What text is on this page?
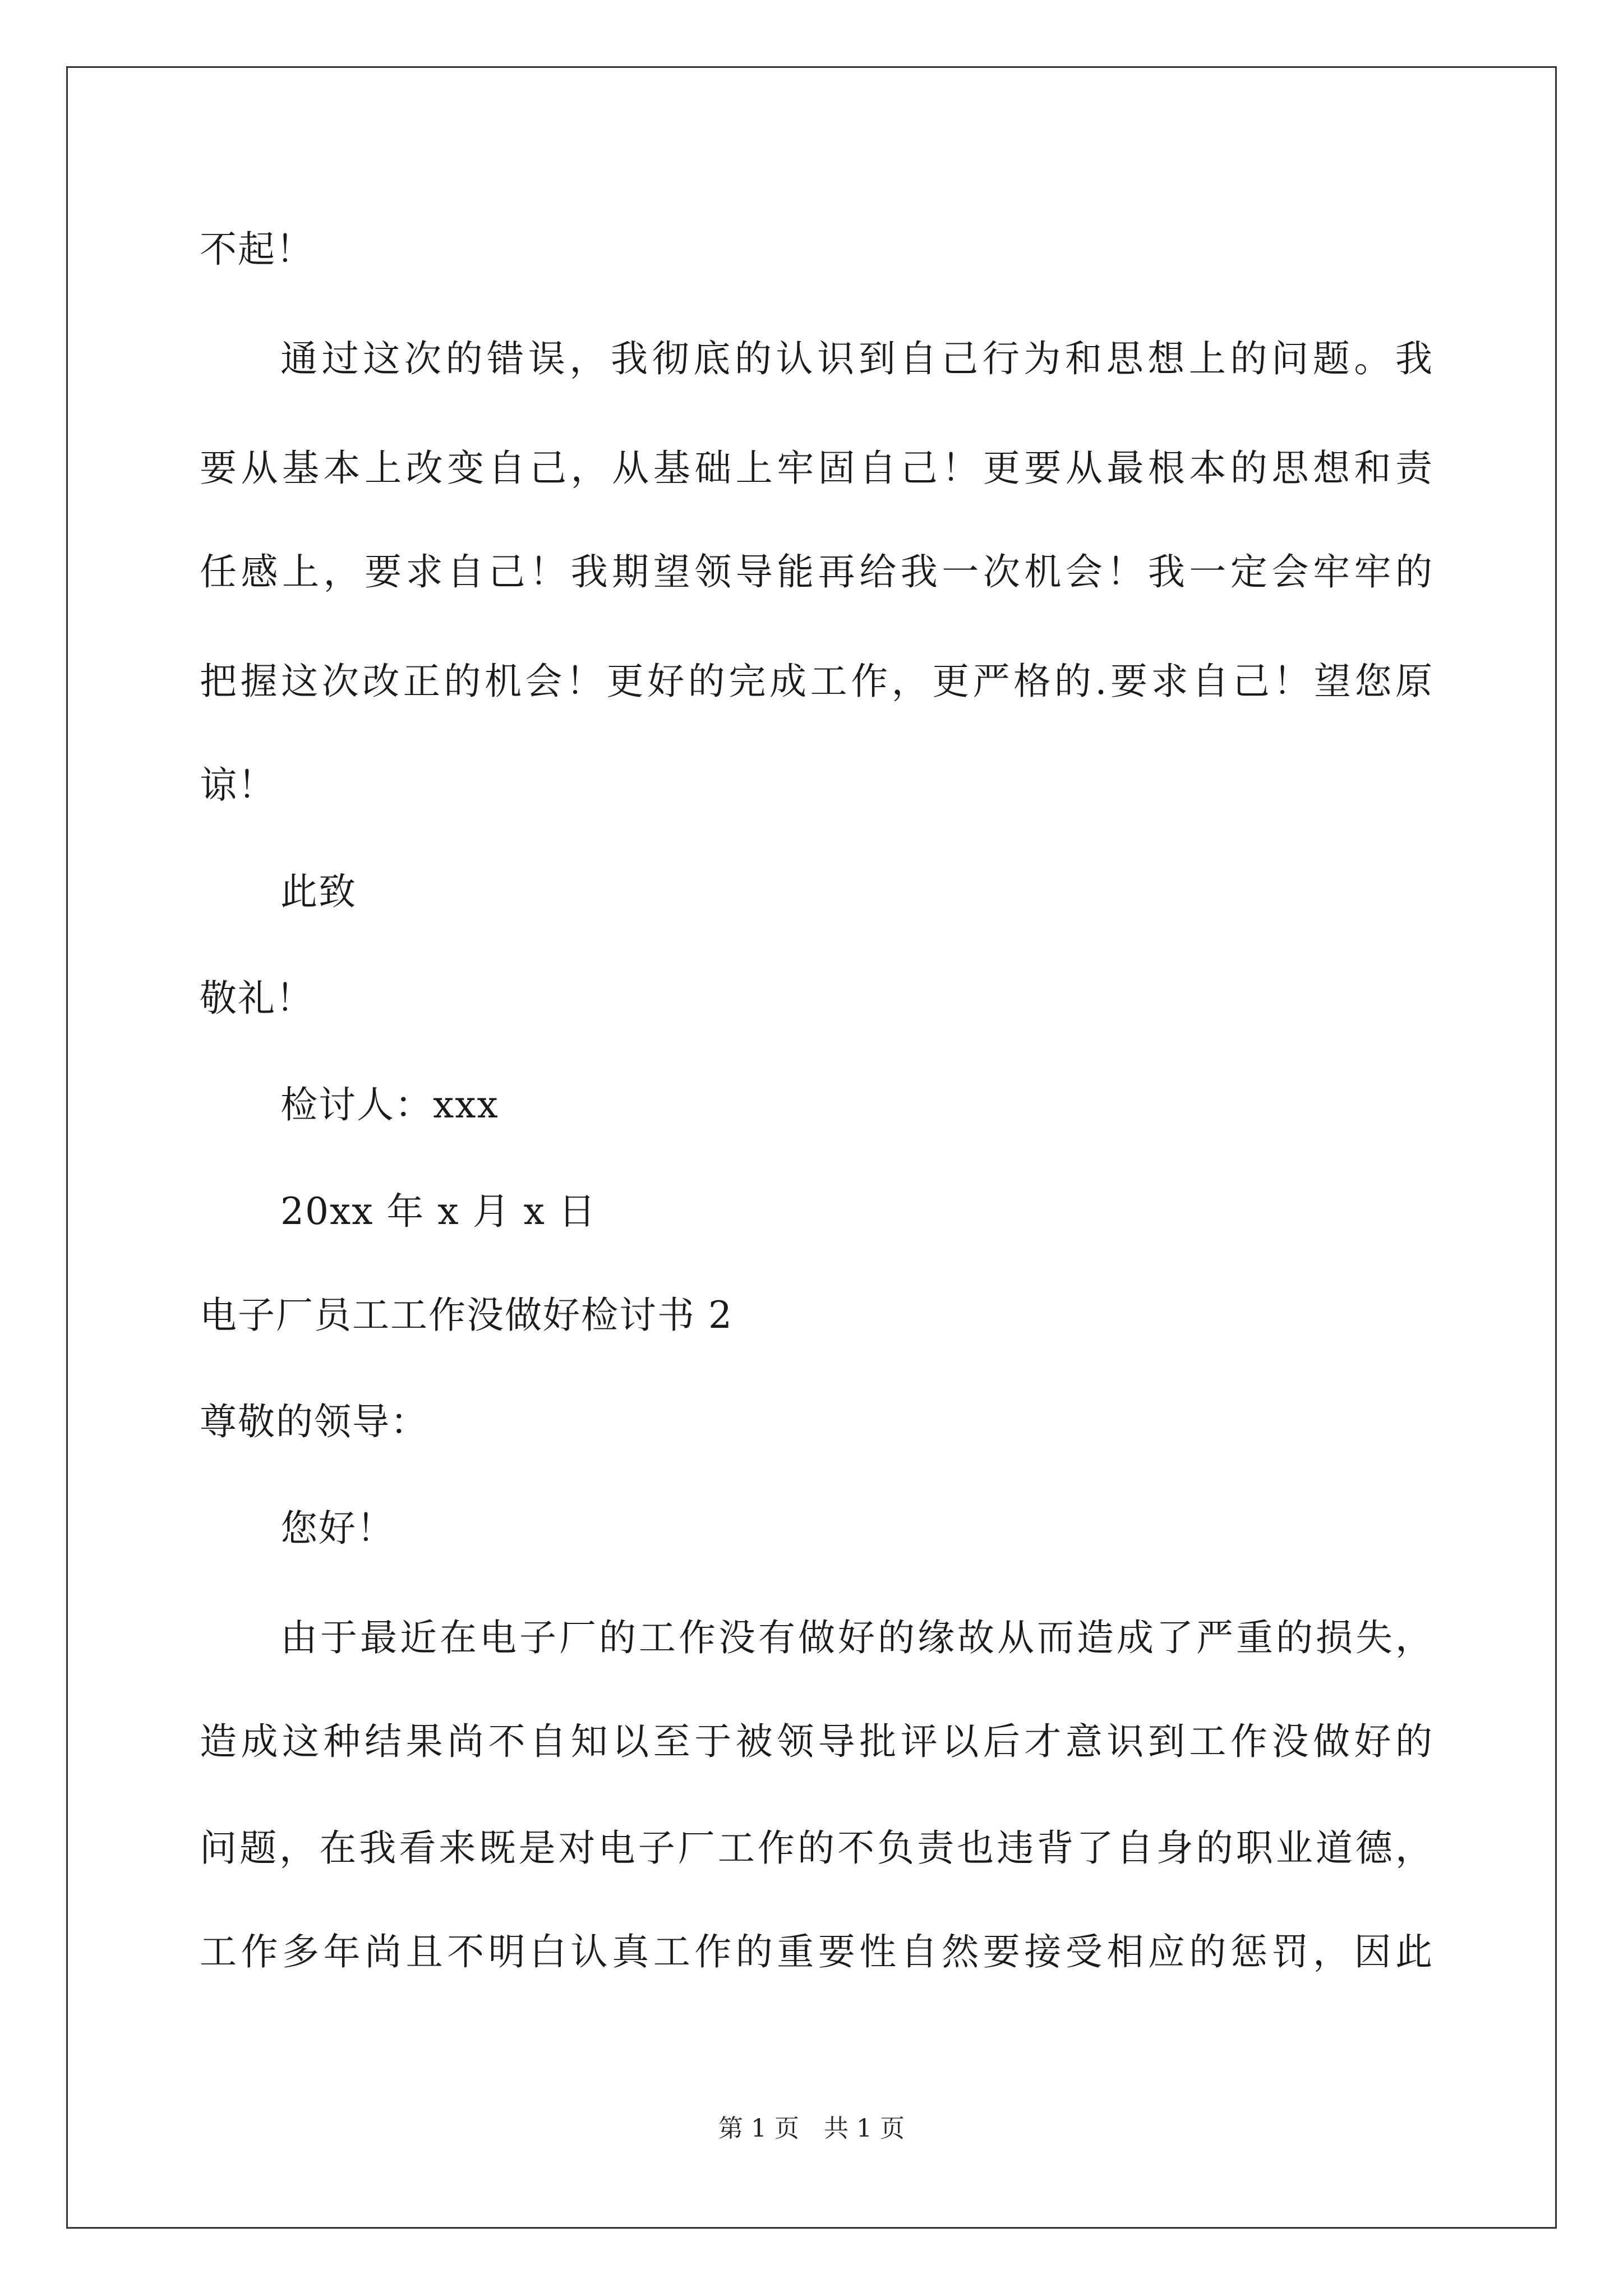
不起！
通过这次的错误，我彻底的认识到自己行为和思想上的问题。我
要从基本上改变自己，从基础上牢固自己！更要从最根本的思想和责
任感上，要求自己！我期望领导能再给我一次机会！我一定会牢牢的
把握这次改正的机会！更好的完成工作，更严格的.要求自己！望您原
谅！
此致
敬礼！
检讨人：xxx
20xx 年 x 月 x 日
电子厂员工工作没做好检讨书 2
尊敬的领导：
您好！
由于最近在电子厂的工作没有做好的缘故从而造成了严重的损失，
造成这种结果尚不自知以至于被领导批评以后才意识到工作没做好的
问题，在我看来既是对电子厂工作的不负责也违背了自身的职业道德，
工作多年尚且不明白认真工作的重要性自然要接受相应的惩罚，因此
第 1 页　共 1 页
